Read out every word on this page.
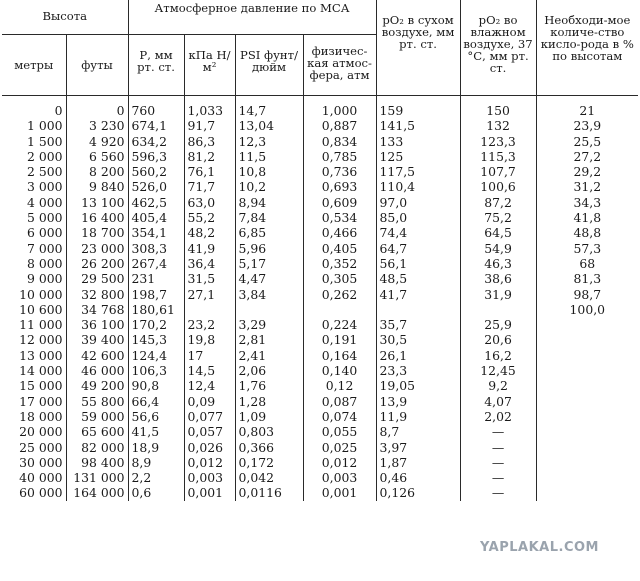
Высота		Атмосферное давление по МСА				pO₂ в сухом воздухе, мм рт. ст.	pO₂ во влажном воздухе, 37 °С, мм рт. ст.	Необходи-мое количе-ство кисло-рода в % по высотам
метры	футы	Р, мм рт. ст.	кПа Н/м²	PSI фунт/ дюйм	физичес-кая атмос-фера, атм			
0	0	760	1,033	14,7	1,000	159	150	21
1 000	3 230	674,1	91,7	13,04	0,887	141,5	132	23,9
1 500	4 920	634,2	86,3	12,3	0,834	133	123,3	25,5
2 000	6 560	596,3	81,2	11,5	0,785	125	115,3	27,2
2 500	8 200	560,2	76,1	10,8	0,736	117,5	107,7	29,2
3 000	9 840	526,0	71,7	10,2	0,693	110,4	100,6	31,2
4 000	13 100	462,5	63,0	8,94	0,609	97,0	87,2	34,3
5 000	16 400	405,4	55,2	7,84	0,534	85,0	75,2	41,8
6 000	18 700	354,1	48,2	6,85	0,466	74,4	64,5	48,8
7 000	23 000	308,3	41,9	5,96	0,405	64,7	54,9	57,3
8 000	26 200	267,4	36,4	5,17	0,352	56,1	46,3	68
9 000	29 500	231	31,5	4,47	0,305	48,5	38,6	81,3
10 000	32 800	198,7	27,1	3,84	0,262	41,7	31,9	98,7
10 600	34 768	180,61						100,0
11 000	36 100	170,2	23,2	3,29	0,224	35,7	25,9	
12 000	39 400	145,3	19,8	2,81	0,191	30,5	20,6	
13 000	42 600	124,4	17	2,41	0,164	26,1	16,2	
14 000	46 000	106,3	14,5	2,06	0,140	23,3	12,45	
15 000	49 200	90,8	12,4	1,76	0,12	19,05	9,2	
17 000	55 800	66,4	0,09	1,28	0,087	13,9	4,07	
18 000	59 000	56,6	0,077	1,09	0,074	11,9	2,02	
20 000	65 600	41,5	0,057	0,803	0,055	8,7	—	
25 000	82 000	18,9	0,026	0,366	0,025	3,97	—	
30 000	98 400	8,9	0,012	0,172	0,012	1,87	—	
40 000	131 000	2,2	0,003	0,042	0,003	0,46	—	
60 000	164 000	0,6	0,001	0,0116	0,001	0,126	—	
YAPLAKAL.COM
